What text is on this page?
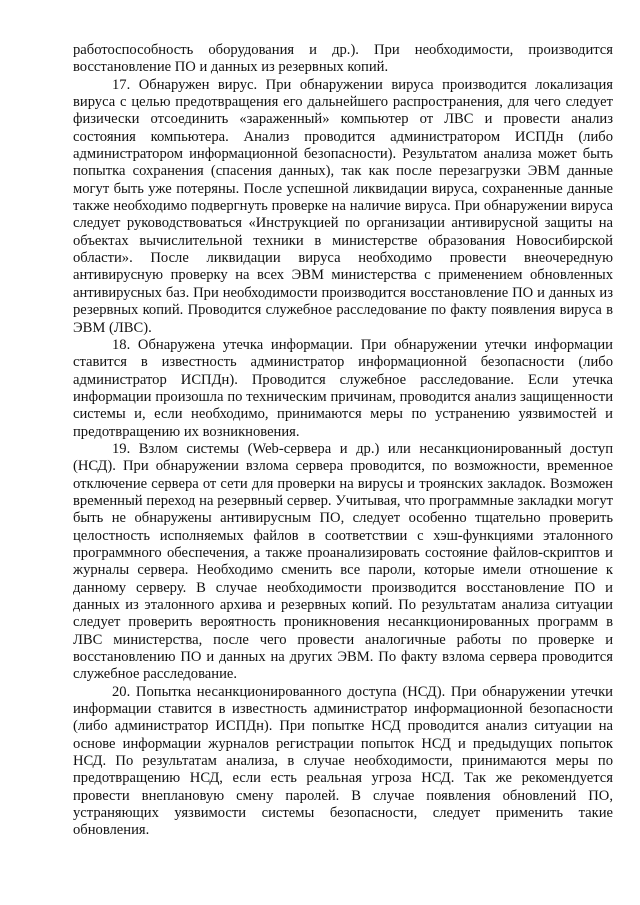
работоспособность оборудования и др.). При необходимости, производится восстановление ПО и данных из резервных копий.

17. Обнаружен вирус. При обнаружении вируса производится локализация вируса с целью предотвращения его дальнейшего распространения, для чего следует физически отсоединить «зараженный» компьютер от ЛВС и провести анализ состояния компьютера. Анализ проводится администратором ИСПДн (либо администратором информационной безопасности). Результатом анализа может быть попытка сохранения (спасения данных), так как после перезагрузки ЭВМ данные могут быть уже потеряны. После успешной ликвидации вируса, сохраненные данные также необходимо подвергнуть проверке на наличие вируса. При обнаружении вируса следует руководствоваться «Инструкцией по организации антивирусной защиты на объектах вычислительной техники в министерстве образования Новосибирской области». После ликвидации вируса необходимо провести внеочередную антивирусную проверку на всех ЭВМ министерства с применением обновленных антивирусных баз. При необходимости производится восстановление ПО и данных из резервных копий. Проводится служебное расследование по факту появления вируса в ЭВМ (ЛВС).

18. Обнаружена утечка информации. При обнаружении утечки информации ставится в известность администратор информационной безопасности (либо администратор ИСПДн). Проводится служебное расследование. Если утечка информации произошла по техническим причинам, проводится анализ защищенности системы и, если необходимо, принимаются меры по устранению уязвимостей и предотвращению их возникновения.

19. Взлом системы (Web-сервера и др.) или несанкционированный доступ (НСД). При обнаружении взлома сервера проводится, по возможности, временное отключение сервера от сети для проверки на вирусы и троянских закладок. Возможен временный переход на резервный сервер. Учитывая, что программные закладки могут быть не обнаружены антивирусным ПО, следует особенно тщательно проверить целостность исполняемых файлов в соответствии с хэш-функциями эталонного программного обеспечения, а также проанализировать состояние файлов-скриптов и журналы сервера. Необходимо сменить все пароли, которые имели отношение к данному серверу. В случае необходимости производится восстановление ПО и данных из эталонного архива и резервных копий. По результатам анализа ситуации следует проверить вероятность проникновения несанкционированных программ в ЛВС министерства, после чего провести аналогичные работы по проверке и восстановлению ПО и данных на других ЭВМ. По факту взлома сервера проводится служебное расследование.

20. Попытка несанкционированного доступа (НСД). При обнаружении утечки информации ставится в известность администратор информационной безопасности (либо администратор ИСПДн). При попытке НСД проводится анализ ситуации на основе информации журналов регистрации попыток НСД и предыдущих попыток НСД. По результатам анализа, в случае необходимости, принимаются меры по предотвращению НСД, если есть реальная угроза НСД. Так же рекомендуется провести внеплановую смену паролей. В случае появления обновлений ПО, устраняющих уязвимости системы безопасности, следует применить такие обновления.
